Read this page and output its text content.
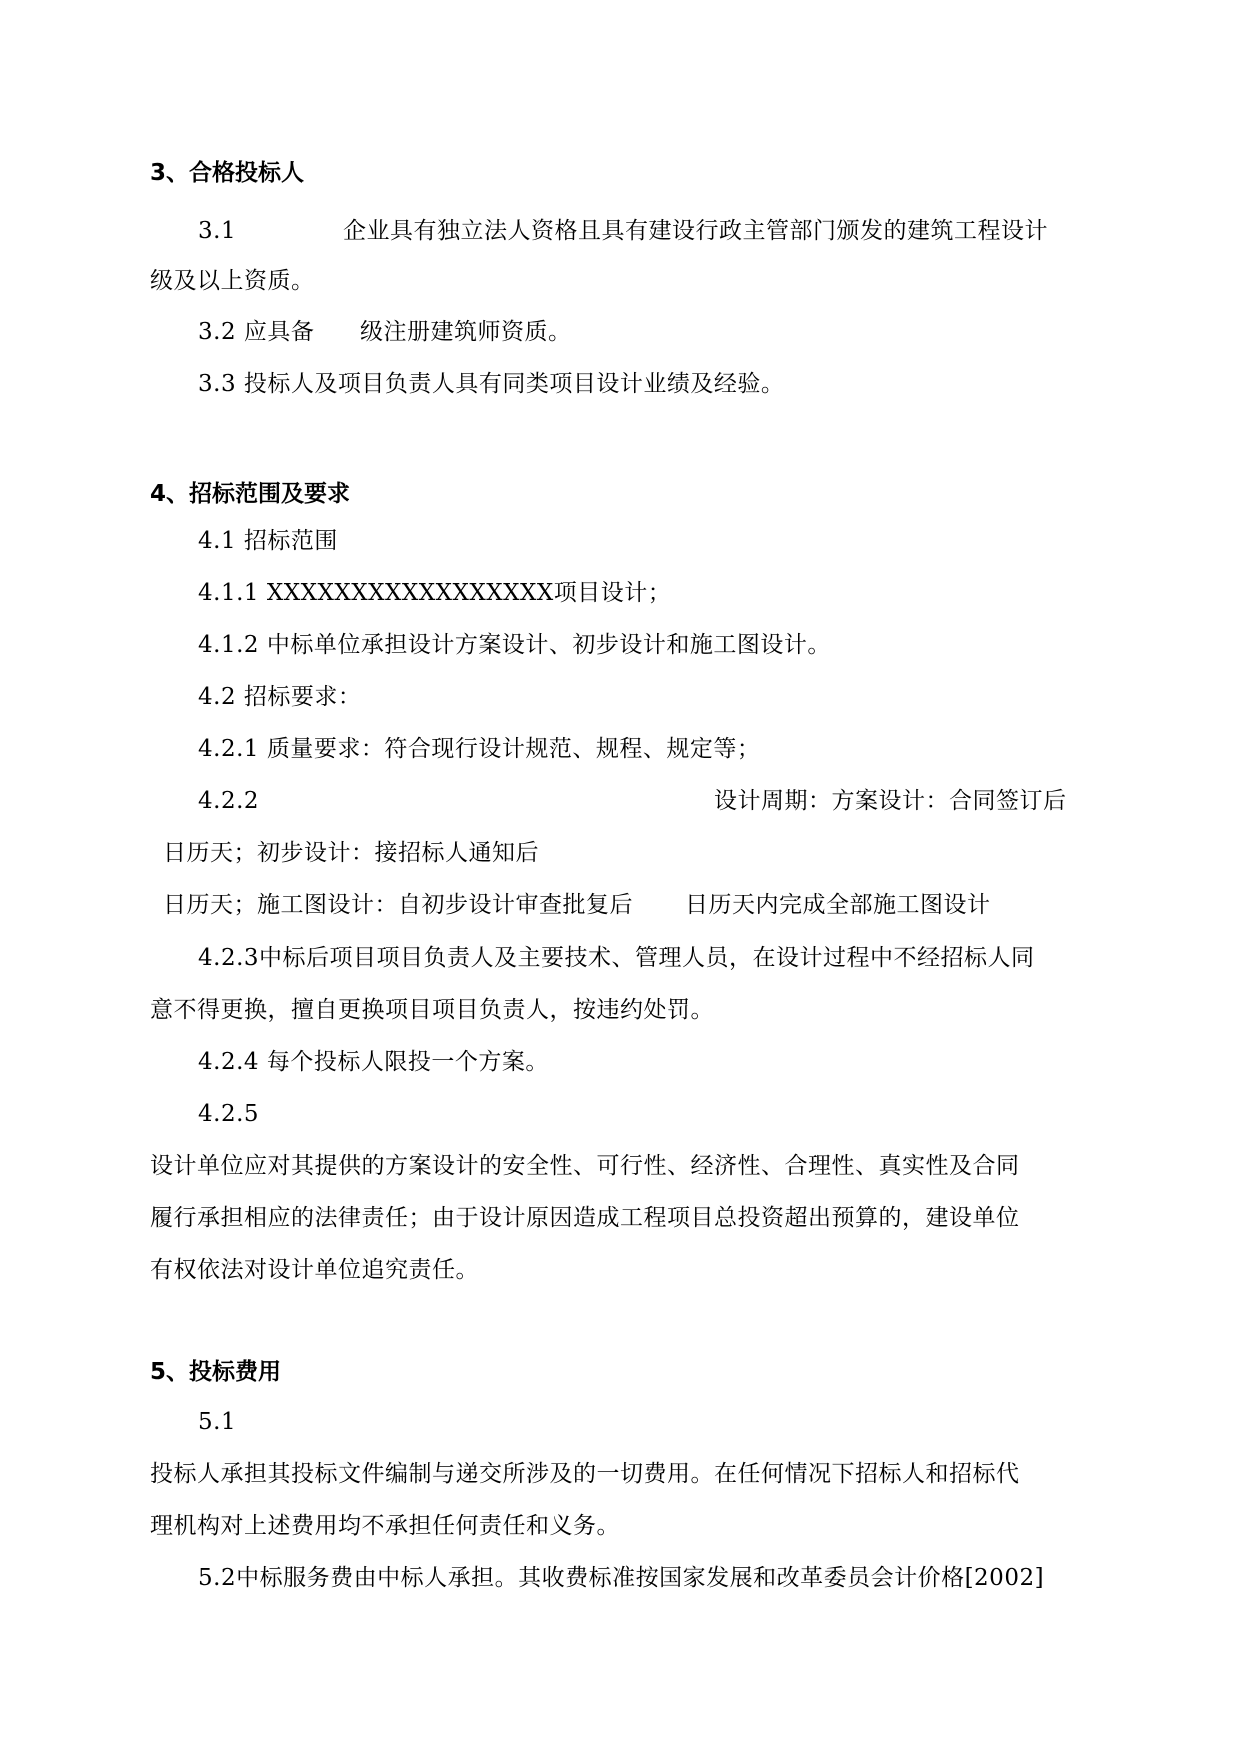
3、合格投标人
3.1	企业具有独立法人资格且具有建设行政主管部门颁发的建筑工程设计
级及以上资质。
3.2 应具备 级注册建筑师资质。
3.3 投标人及项目负责人具有同类项目设计业绩及经验。
4、招标范围及要求
4.1 招标范围
4.1.1 XXXXXXXXXXXXXXXXX项目设计；
4.1.2 中标单位承担设计方案设计、初步设计和施工图设计。
4.2 招标要求：
4.2.1 质量要求：符合现行设计规范、规程、规定等；
4.2.2	设计周期：方案设计：合同签订后
日历天；初步设计：接招标人通知后
日历天；施工图设计：自初步设计审查批复后 日历天内完成全部施工图设计
4.2.3中标后项目项目负责人及主要技术、管理人员，在设计过程中不经招标人同
意不得更换，擅自更换项目项目负责人，按违约处罚。
4.2.4 每个投标人限投一个方案。
4.2.5
设计单位应对其提供的方案设计的安全性、可行性、经济性、合理性、真实性及合同
履行承担相应的法律责任；由于设计原因造成工程项目总投资超出预算的，建设单位
有权依法对设计单位追究责任。
5、投标费用
5.1
投标人承担其投标文件编制与递交所涉及的一切费用。在任何情况下招标人和招标代
理机构对上述费用均不承担任何责任和义务。
5.2中标服务费由中标人承担。其收费标准按国家发展和改革委员会计价格[2002]
